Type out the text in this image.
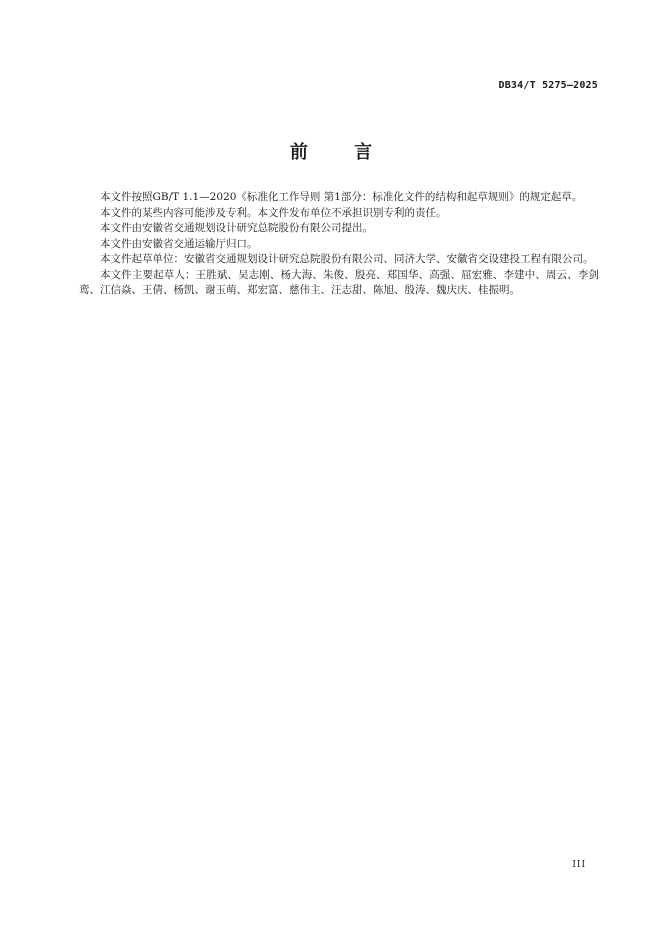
DB34/T 5275—2025
前 言

本文件按照GB/T 1.1—2020《标准化工作导则 第1部分：标准化文件的结构和起草规则》的规定起草。

本文件的某些内容可能涉及专利。本文件发布单位不承担识别专利的责任。

本文件由安徽省交通规划设计研究总院股份有限公司提出。

本文件由安徽省交通运输厅归口。

本文件起草单位：安徽省交通规划设计研究总院股份有限公司、同济大学、安徽省交设建投工程有限公司。

本文件主要起草人：王胜斌、吴志刚、杨大海、朱俊、殷亮、郑国华、高强、屈宏雅、李建中、周云、李剑鸾、江信焱、王倩、杨凯、谢玉萌、郑宏富、慈伟主、汪志甜、陈旭、殷涛、魏庆庆、桂振明。

III
